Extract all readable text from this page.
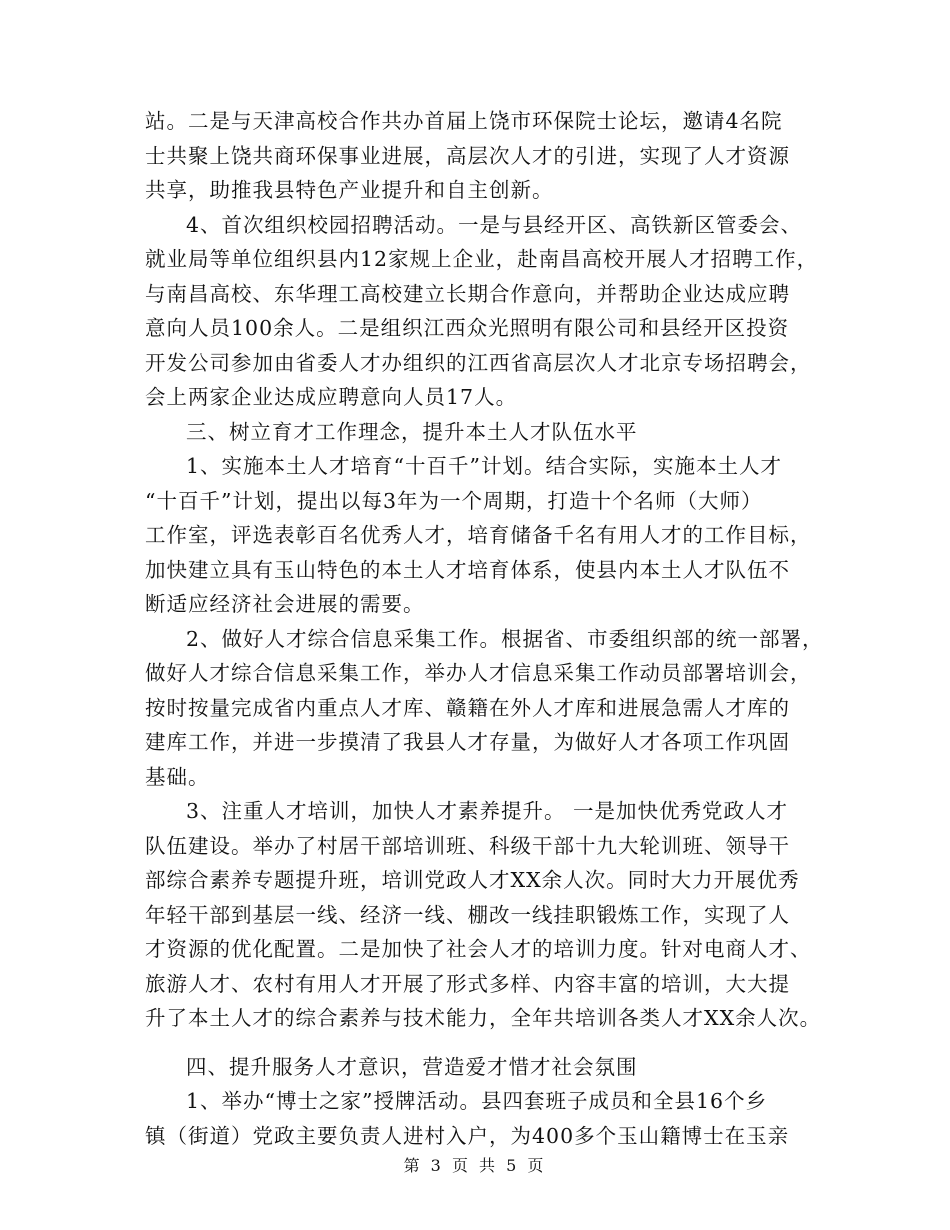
站。二是与天津高校合作共办首届上饶市环保院士论坛，邀请4名院
士共聚上饶共商环保事业进展，高层次人才的引进，实现了人才资源
共享，助推我县特色产业提升和自主创新。
4、首次组织校园招聘活动。一是与县经开区、高铁新区管委会、
就业局等单位组织县内12家规上企业，赴南昌高校开展人才招聘工作，
与南昌高校、东华理工高校建立长期合作意向，并帮助企业达成应聘
意向人员100余人。二是组织江西众光照明有限公司和县经开区投资
开发公司参加由省委人才办组织的江西省高层次人才北京专场招聘会，
会上两家企业达成应聘意向人员17人。
三、树立育才工作理念，提升本土人才队伍水平
1、实施本土人才培育“十百千”计划。结合实际，实施本土人才
“十百千”计划，提出以每3年为一个周期，打造十个名师（大师）
工作室，评选表彰百名优秀人才，培育储备千名有用人才的工作目标，
加快建立具有玉山特色的本土人才培育体系，使县内本土人才队伍不
断适应经济社会进展的需要。
2、做好人才综合信息采集工作。根据省、市委组织部的统一部署，
做好人才综合信息采集工作，举办人才信息采集工作动员部署培训会，
按时按量完成省内重点人才库、赣籍在外人才库和进展急需人才库的
建库工作，并进一步摸清了我县人才存量，为做好人才各项工作巩固
基础。
3、注重人才培训，加快人才素养提升。 一是加快优秀党政人才
队伍建设。举办了村居干部培训班、科级干部十九大轮训班、领导干
部综合素养专题提升班，培训党政人才XX余人次。同时大力开展优秀
年轻干部到基层一线、经济一线、棚改一线挂职锻炼工作，实现了人
才资源的优化配置。二是加快了社会人才的培训力度。针对电商人才、
旅游人才、农村有用人才开展了形式多样、内容丰富的培训，大大提
升了本土人才的综合素养与技术能力，全年共培训各类人才XX余人次。
四、提升服务人才意识，营造爱才惜才社会氛围
1、举办“博士之家”授牌活动。县四套班子成员和全县16个乡
镇（街道）党政主要负责人进村入户，为400多个玉山籍博士在玉亲
第 3 页 共 5 页
